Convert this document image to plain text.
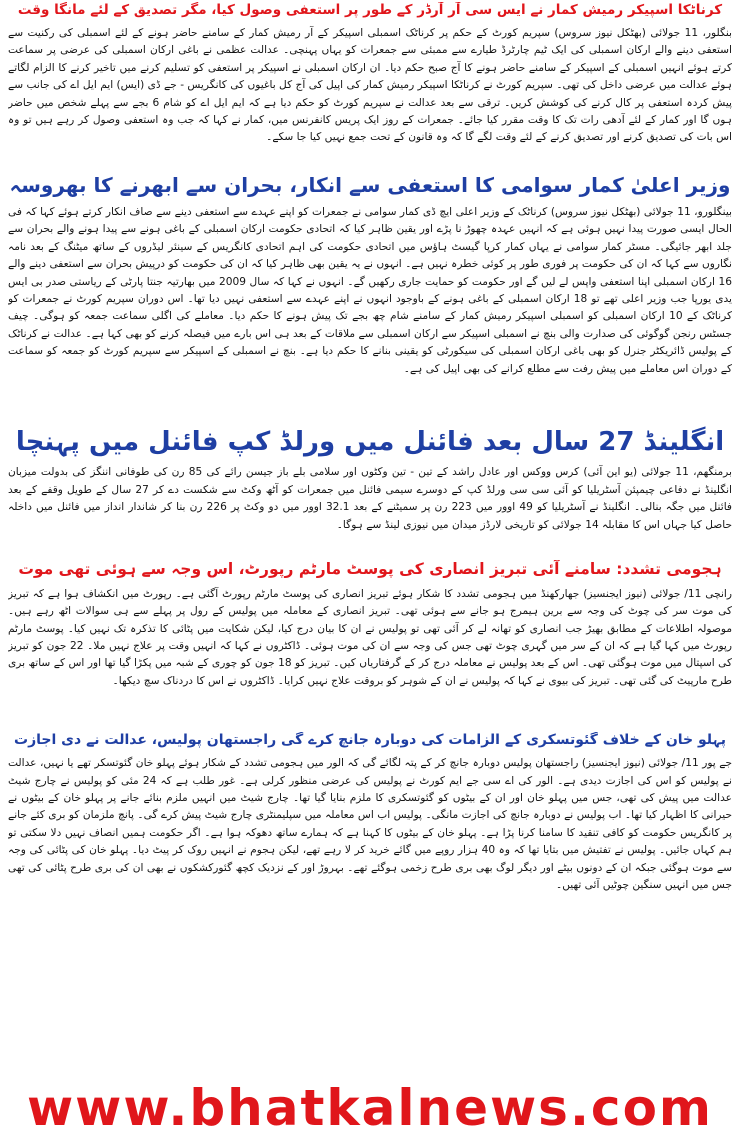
کرناٹکا اسپیکر رمیش کمار نے ایس سی آر آرڈر کے طور پر استعفی وصول کیا، مگر تصدیق کے لئے مانگا وقت

بنگلور، 11 جولائی (بھٹکل نیوز سروس) سپریم کورٹ کے حکم پر کرناٹک اسمبلی اسپیکر کے آر رمیش کمار کے سامنے حاضر ہونے کے لئے اسمبلی کی رکنیت سے استعفی دینے والے ارکان اسمبلی کی ایک ٹیم چارٹرڈ طیارے سے ممبئی سے جمعرات کو یہاں پہنچی۔ عدالت عظمی نے باغی ارکان اسمبلی کی عرضی پر سماعت کرتے ہوئے انہیں اسمبلی کے اسپیکر کے سامنے حاضر ہونے کا آج صبح حکم دیا۔ ان ارکان اسمبلی نے اسپیکر پر استعفی کو تسلیم کرنے میں تاخیر کرنے کا الزام لگاتے ہوئے عدالت میں عرضی داخل کی تھی۔ سپریم کورٹ نے کرناٹکا اسپیکر رمیش کمار کی اپیل کی آج کل باغیوں کی کانگریس - جے ڈی (ایس) ایم ایل اے کی جانب سے پیش کردہ استعفی پر کال کرنے کی کوشش کریں۔ ترقی سے بعد عدالت نے سپریم کورٹ کو حکم دیا ہے کہ ایم ایل اے کو شام 6 بجے سے پہلے شخص میں حاضر ہوں گا اور کمار کے لئے آدھی رات تک کا وقت مقرر کیا جائے۔ جمعرات کے روز ایک پریس کانفرنس میں، کمار نے کہا کہ جب وہ استعفی وصول کر رہے ہیں تو وہ اس بات کی تصدیق کرنے اور تصدیق کرنے کے لئے وقت لگے گا کہ وہ قانون کے تحت جمع نہیں کیا جا سکے۔

وزیر اعلیٰ کمار سوامی کا استعفی سے انکار، بحران سے ابھرنے کا بھروسہ

بینگلورو، 11 جولائی (بھٹکل نیوز سروس) کرناٹک کے وزیر اعلی ایچ ڈی کمار سوامی نے جمعرات کو اپنے عہدے سے استعفی دینے سے صاف انکار کرتے ہوئے کہا کہ فی الحال ایسی صورت پیدا نہیں ہوئی ہے کہ انہیں عہدہ چھوڑ نا پڑے اور یقین ظاہر کیا کہ اتحادی حکومت ارکان اسمبلی کے باغی ہونے سے پیدا ہونے والے بحران سے جلد ابھر جائیگی۔ مسٹر کمار سوامی نے یہاں کمار کرپا گیسٹ ہاؤس میں اتحادی حکومت کی اہم اتحادی کانگریس کے سینئر لیڈروں کے ساتھ میٹنگ کے بعد نامہ نگاروں سے کہا کہ ان کی حکومت پر فوری طور پر کوئی خطرہ نہیں ہے۔ انہوں نے یہ یقین بھی ظاہر کیا کہ ان کی حکومت کو درپیش بحران سے استعفی دینے والے 16 ارکان اسمبلی اپنا استعفی واپس لے لیں گے اور حکومت کو حمایت جاری رکھیں گے۔ انہوں نے کہا کہ سال 2009 میں بھارتیہ جنتا پارٹی کے ریاستی صدر بی ایس یدی یورپا جب وزیر اعلی تھے تو 18 ارکان اسمبلی کے باغی ہونے کے باوجود انہوں نے اپنے عہدے سے استعفی نہیں دیا تھا۔ اس دوران سپریم کورٹ نے جمعرات کو کرناٹک کے 10 ارکان اسمبلی کو اسمبلی اسپیکر رمیش کمار کے سامنے شام چھ بجے تک پیش ہونے کا حکم دیا۔ معاملے کی اگلی سماعت جمعہ کو ہوگی۔ چیف جسٹس رنجن گوگوئی کی صدارت والی بنچ نے اسمبلی اسپیکر سے ارکان اسمبلی سے ملاقات کے بعد ہی اس بارے میں فیصلہ کرنے کو بھی کہا ہے۔ عدالت نے کرناٹک کے پولیس ڈائریکٹر جنرل کو بھی باغی ارکان اسمبلی کی سیکورٹی کو یقینی بنانے کا حکم دیا ہے۔ بنچ نے اسمبلی کے اسپیکر سے سپریم کورٹ کو جمعہ کو سماعت کے دوران اس معاملے میں پیش رفت سے مطلع کرانے کی بھی اپیل کی ہے۔

انگلینڈ 27 سال بعد فائنل میں ورلڈ کپ فائنل میں پہنچا

برمنگھم، 11 جولائی (یو این آئی) کرس ووکس اور عادل راشد کے تین - تین وکٹوں اور سلامی بلے باز جیسن رائے کی 85 رن کی طوفانی اننگز کی بدولت میزبان انگلینڈ نے دفاعی چیمپئن آسٹریلیا کو آئی سی سی ورلڈ کپ کے دوسرے سیمی فائنل میں جمعرات کو آٹھ وکٹ سے شکست دے کر 27 سال کے طویل وقفے کے بعد فائنل میں جگہ بنالی۔ انگلینڈ نے آسٹریلیا کو 49 اوور میں 223 رن پر سمیٹنے کے بعد 32.1 اوور میں دو وکٹ پر 226 رن بنا کر شاندار انداز میں فائنل میں داخلہ حاصل کیا جہاں اس کا مقابلہ 14 جولائی کو تاریخی لارڈز میدان میں نیوزی لینڈ سے ہوگا۔

ہجومی تشدد: سامنے آئی تبریز انصاری کی پوسٹ مارٹم رپورٹ، اس وجہ سے ہوئی تھی موت

رانچی 11/ جولائی (نیوز ایجنسیز) جھارکھنڈ میں ہجومی تشدد کا شکار ہوئے تبریز انصاری کی پوسٹ مارٹم رپورٹ آگئی ہے۔ رپورٹ میں انکشاف ہوا ہے کہ تبریز کی موت سر کی چوٹ کی وجہ سے برین ہیمرج ہو جانے سے ہوئی تھی۔ تبریز انصاری کے معاملہ میں پولیس کے رول پر پہلے سے ہی سوالات اٹھ رہے ہیں۔ موصولہ اطلاعات کے مطابق بھیڑ جب انصاری کو تھانہ لے کر آئی تھی تو پولیس نے ان کا بیان درج کیا، لیکن شکایت میں پٹائی کا تذکرہ تک نہیں کیا۔ پوسٹ مارٹم رپورٹ میں کہا گیا ہے کہ ان کے سر میں گہری چوٹ تھی جس کی وجہ سے ان کی موت ہوئی۔ ڈاکٹروں نے کہا کہ انہیں وقت پر علاج نہیں ملا۔ 22 جون کو تبریز کی اسپتال میں موت ہوگئی تھی۔ اس کے بعد پولیس نے معاملہ درج کر کے گرفتاریاں کیں۔ تبریز کو 18 جون کو چوری کے شبہ میں پکڑا گیا تھا اور اس کے ساتھ بری طرح مارپیٹ کی گئی تھی۔ تبریز کی بیوی نے کہا کہ پولیس نے ان کے شوہر کو بروقت علاج نہیں کرایا۔ ڈاکٹروں نے اس کا دردناک سچ دیکھا۔

پہلو خان کے خلاف گئوتسکری کے الزامات کی دوبارہ جانچ کرے گی راجستھان پولیس، عدالت نے دی اجازت

جے پور 11/ جولائی (نیوز ایجنسیز) راجستھان پولیس دوبارہ جانچ کر کے پتہ لگائے گی کہ الور میں ہجومی تشدد کے شکار ہوئے پہلو خان گئوتسکر تھے یا نہیں، عدالت نے پولیس کو اس کی اجازت دیدی ہے۔ الور کی اے سی جے ایم کورٹ نے پولیس کی عرضی منظور کرلی ہے۔ غور طلب ہے کہ 24 مئی کو پولیس نے چارج شیٹ عدالت میں پیش کی تھی، جس میں پہلو خان اور ان کے بیٹوں کو گئوتسکری کا ملزم بنایا گیا تھا۔ چارج شیٹ میں انہیں ملزم بنائے جانے پر پہلو خان کے بیٹوں نے حیرانی کا اظہار کیا تھا۔ اب پولیس نے دوبارہ جانچ کی اجازت مانگی۔ پولیس اب اس معاملہ میں سپلیمنٹری چارج شیٹ پیش کرے گی۔ پانچ ملزمان کو بری کئے جانے پر کانگریس حکومت کو کافی تنقید کا سامنا کرنا پڑا ہے۔ پہلو خان کے بیٹوں کا کہنا ہے کہ ہمارے ساتھ دھوکہ ہوا ہے۔ اگر حکومت ہمیں انصاف نہیں دلا سکتی تو ہم کہاں جائیں۔ پولیس نے تفتیش میں بتایا تھا کہ وہ 40 ہزار روپے میں گائے خرید کر لا رہے تھے، لیکن ہجوم نے انہیں روک کر پیٹ دیا۔ پہلو خان کی پٹائی کی وجہ سے موت ہوگئی جبکہ ان کے دونوں بیٹے اور دیگر لوگ بھی بری طرح زخمی ہوگئے تھے۔ بہروڑ اور کے نزدیک کچھ گئورکشکوں نے بھی ان کی بری طرح پٹائی کی تھی جس میں انہیں سنگین چوٹیں آئی تھیں۔

www.bhatkalnews.com
